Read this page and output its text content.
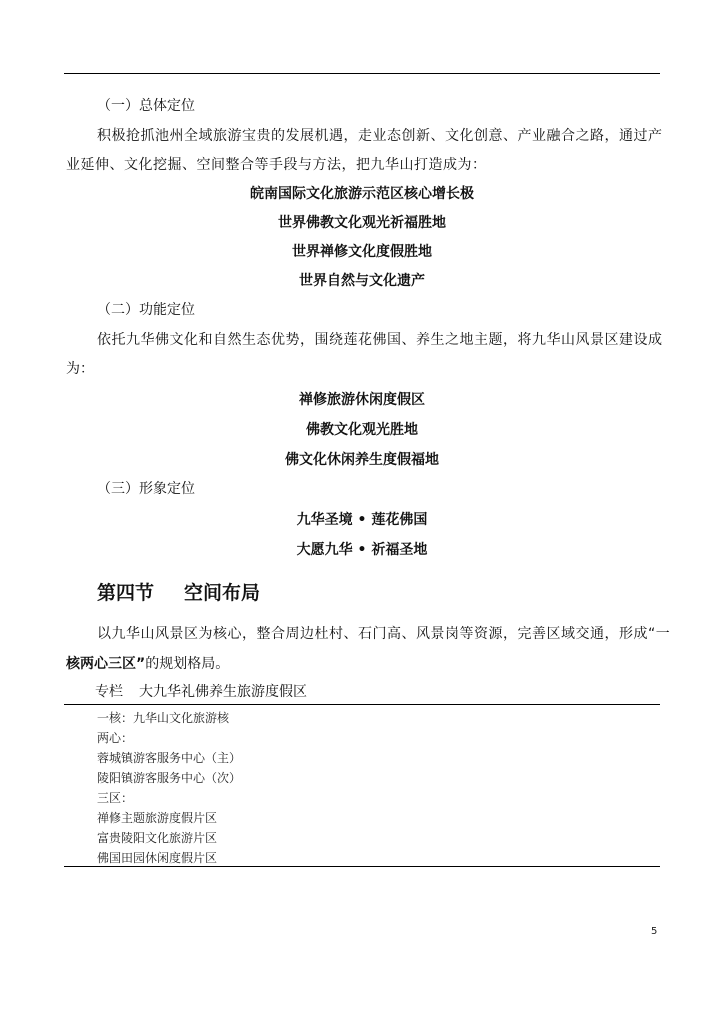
（一）总体定位
积极抢抓池州全域旅游宝贵的发展机遇，走业态创新、文化创意、产业融合之路，通过产
业延伸、文化挖掘、空间整合等手段与方法，把九华山打造成为：
皖南国际文化旅游示范区核心增长极
世界佛教文化观光祈福胜地
世界禅修文化度假胜地
世界自然与文化遗产
（二）功能定位
依托九华佛文化和自然生态优势，围绕莲花佛国、养生之地主题，将九华山风景区建设成
为：
禅修旅游休闲度假区
佛教文化观光胜地
佛文化休闲养生度假福地
（三）形象定位
九华圣境 • 莲花佛国
大愿九华 • 祈福圣地
第四节 空间布局
以九华山风景区为核心，整合周边杜村、石门高、风景岗等资源，完善区域交通，形成“一
核两心三区”的规划格局。
专栏 大九华礼佛养生旅游度假区
一核：九华山文化旅游核
两心：
蓉城镇游客服务中心（主）
陵阳镇游客服务中心（次）
三区：
禅修主题旅游度假片区
富贵陵阳文化旅游片区
佛国田园休闲度假片区
5
